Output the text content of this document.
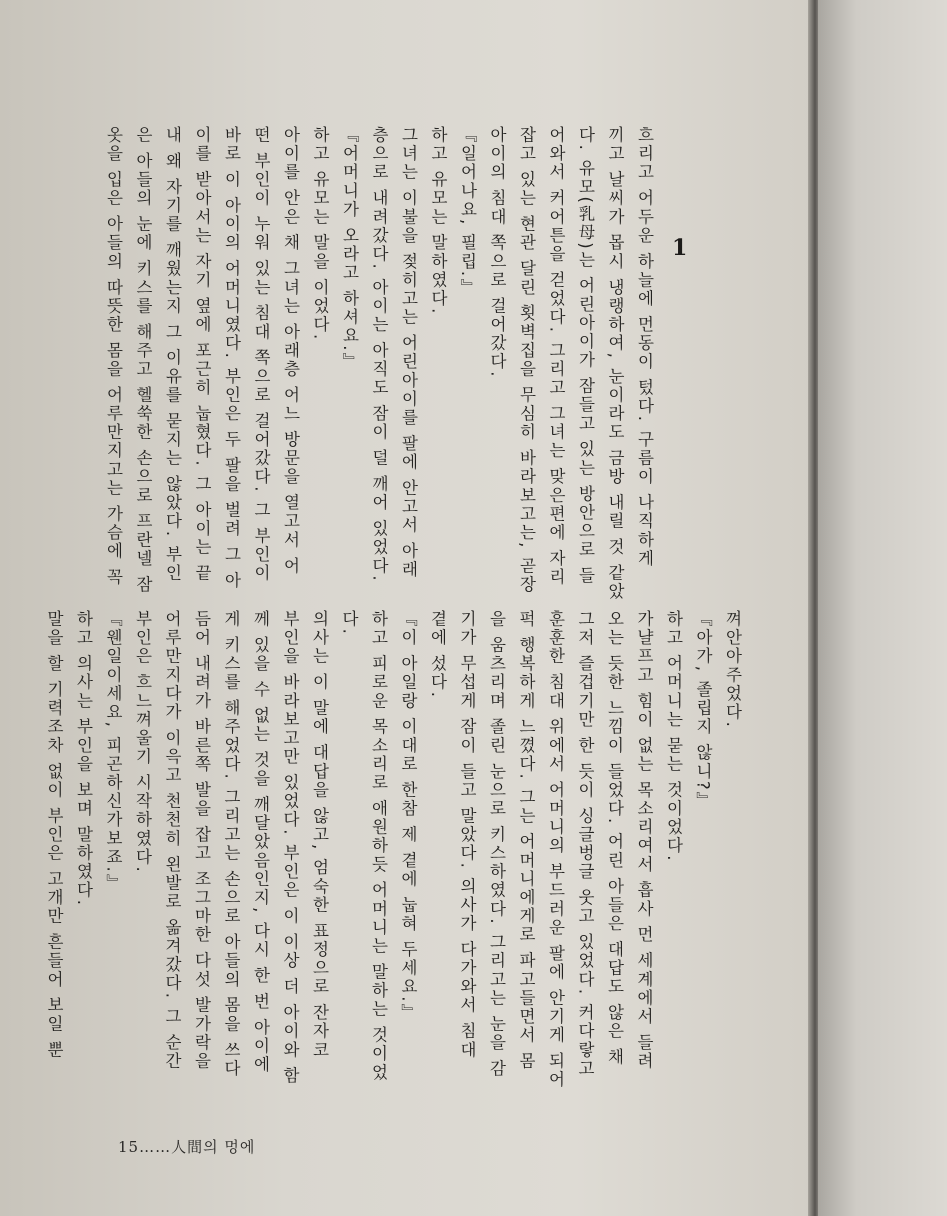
1

흐리고 어두운 하늘에 먼동이 텄다. 구름이 나직하게

끼고 날씨가 몹시 냉랭하여, 눈이라도 금방 내릴 것 같았

다. 유모(乳母)는 어린아이가 잠들고 있는 방안으로 들

어와서 커어튼을 걷었다. 그리고 그녀는 맞은편에 자리

잡고 있는 현관 달린 횟벽집을 무심히 바라보고는, 곧장

아이의 침대 쪽으로 걸어갔다.

『일어나요, 필립.』

하고 유모는 말하였다.

그녀는 이불을 젖히고는 어린아이를 팔에 안고서 아래

층으로 내려갔다. 아이는 아직도 잠이 덜 깨어 있었다.

『어머니가 오라고 하셔요.』

하고 유모는 말을 이었다.

아이를 안은 채 그녀는 아래층 어느 방문을 열고서 어

떤 부인이 누워 있는 침대 쪽으로 걸어갔다. 그 부인이

바로 이 아이의 어머니였다. 부인은 두 팔을 벌려 그 아

이를 받아서는 자기 옆에 포근히 눕혔다. 그 아이는 끝

내 왜 자기를 깨웠는지 그 이유를 묻지는 않았다. 부인

은 아들의 눈에 키스를 해주고 헬쑥한 손으로 프란넬 잠

옷을 입은 아들의 따뜻한 몸을 어루만지고는 가슴에 꼭

껴안아주었다.

『아가, 졸립지 않니?』

하고 어머니는 묻는 것이었다.

가냘프고 힘이 없는 목소리여서 흡사 먼 세계에서 들려

오는 듯한 느낌이 들었다. 어린 아들은 대답도 않은 채

그저 즐겁기만 한 듯이 싱글벙글 웃고 있었다. 커다랗고

훈훈한 침대 위에서 어머니의 부드러운 팔에 안기게 되어

퍽 행복하게 느꼈다. 그는 어머니에게로 파고들면서 몸

을 움츠리며 졸린 눈으로 키스하였다. 그리고는 눈을 감

기가 무섭게 잠이 들고 말았다. 의사가 다가와서 침대

곁에 섰다.

『이 아일랑 이대로 한참 제 곁에 눕혀 두세요.』

하고 피로운 목소리로 애원하듯 어머니는 말하는 것이었

다.

의사는 이 말에 대답을 않고, 엄숙한 표정으로 잔자코

부인을 바라보고만 있었다. 부인은 이 이상 더 아이와 함

께 있을 수 없는 것을 깨달았음인지, 다시 한 번 아이에

게 키스를 해주었다. 그리고는 손으로 아들의 몸을 쓰다

듬어 내려가 바른쪽 발을 잡고 조그마한 다섯 발가락을

어루만지다가 이윽고 천천히 왼발로 옮겨갔다. 그 순간

부인은 흐느껴울기 시작하였다.

『웬일이세요, 피곤하신가보죠.』

하고 의사는 부인을 보며 말하였다.

말을 할 기력조차 없이 부인은 고개만 흔들어 보일 뿐

15……人間의 멍에
